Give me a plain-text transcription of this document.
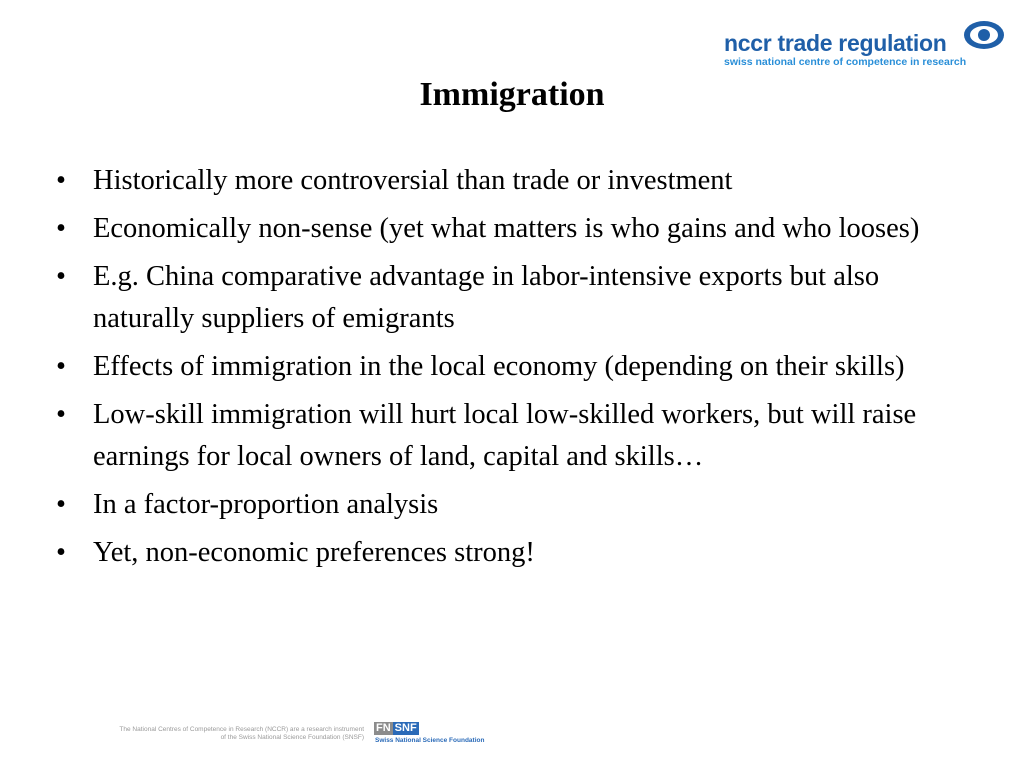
nccr trade regulation
swiss national centre of competence in research
Immigration
• Historically more controversial than trade or investment
• Economically non-sense (yet what matters is who gains and who looses)
• E.g. China comparative advantage in labor-intensive exports but also naturally suppliers of emigrants
• Effects of immigration in the local economy (depending on their skills)
• Low-skill immigration will hurt local low-skilled workers, but will raise earnings for local owners of land, capital and skills…
• In a factor-proportion analysis
• Yet, non-economic preferences strong!
The National Centres of Competence in Research (NCCR) are a research instrument
of the Swiss National Science Foundation (SNSF)
FN SNF
Swiss National Science Foundation
